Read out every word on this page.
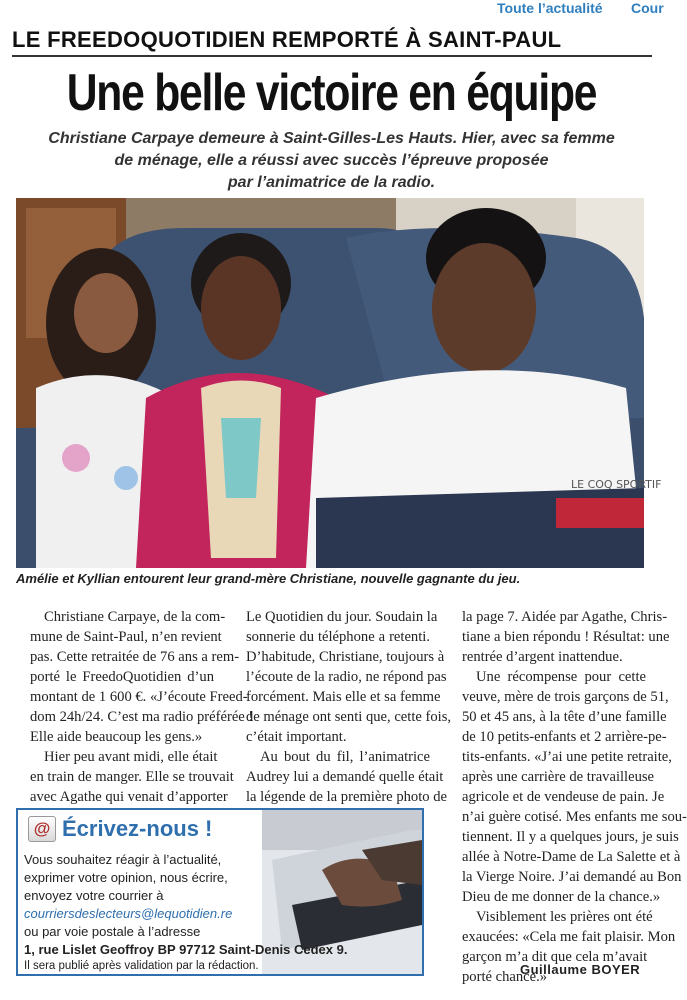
Toute l’actualité Cour
LE FREEDOQUOTIDIEN REMPORTÉ À SAINT-PAUL
Une belle victoire en équipe
Christiane Carpaye demeure à Saint-Gilles-Les Hauts. Hier, avec sa femme
de ménage, elle a réussi avec succès l’épreuve proposée
par l’animatrice de la radio.
LE COQ SPORTIF
Amélie et Kyllian entourent leur grand-mère Christiane, nouvelle gagnante du jeu.

Christiane Carpaye, de la com-
mune de Saint-Paul, n’en revient
pas. Cette retraitée de 76 ans a rem-
porté le FreedoQuotidien d’un
montant de 1 600 €. «J’écoute Freed-
dom 24h/24. C’est ma radio préférée !
Elle aide beaucoup les gens.»

Hier peu avant midi, elle était
en train de manger. Elle se trouvait
avec Agathe qui venait d’apporter

Le Quotidien du jour. Soudain la
sonnerie du téléphone a retenti.
D’habitude, Christiane, toujours à
l’écoute de la radio, ne répond pas
forcément. Mais elle et sa femme
de ménage ont senti que, cette fois,
c’était important.

Au bout du fil, l’animatrice
Audrey lui a demandé quelle était
la légende de la première photo de

la page 7. Aidée par Agathe, Chris-
tiane a bien répondu ! Résultat: une
rentrée d’argent inattendue.

Une récompense pour cette
veuve, mère de trois garçons de 51,
50 et 45 ans, à la tête d’une famille
de 10 petits-enfants et 2 arrière-pe-
tits-enfants. «J’ai une petite retraite,
après une carrière de travailleuse
agricole et de vendeuse de pain. Je
n’ai guère cotisé. Mes enfants me sou-
tiennent. Il y a quelques jours, je suis
allée à Notre-Dame de La Salette et à
la Vierge Noire. J’ai demandé au Bon
Dieu de me donner de la chance.»

Visiblement les prières ont été
exaucées: «Cela me fait plaisir. Mon
garçon m’a dit que cela m’avait
porté chance.»

Guillaume BOYER
@ Écrivez-nous !
Vous souhaitez réagir à l’actualité,
exprimer votre opinion, nous écrire,
envoyez votre courrier à
courriersdeslecteurs@lequotidien.re
ou par voie postale à l’adresse
1, rue Lislet Geoffroy BP 97712 Saint-Denis Cedex 9.
Il sera publié après validation par la rédaction.
